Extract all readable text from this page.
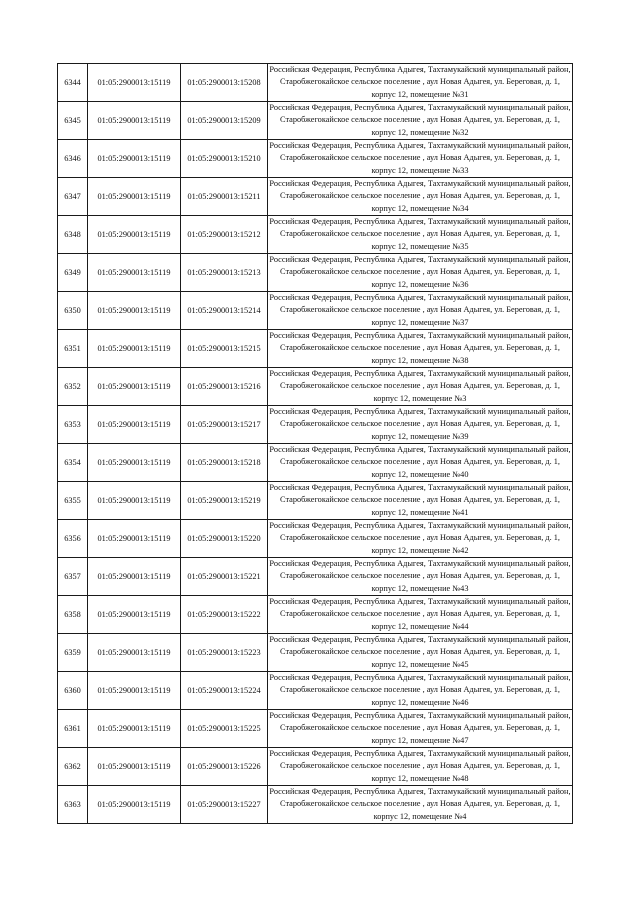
6344	01:05:2900013:15119	01:05:2900013:15208	Российская Федерация, Республика Адыгея, Тахтамукайский муниципальный район, Старобжегокайское сельское поселение , аул Новая Адыгея, ул. Береговая, д. 1, корпус 12, помещение №31
6345	01:05:2900013:15119	01:05:2900013:15209	Российская Федерация, Республика Адыгея, Тахтамукайский муниципальный район, Старобжегокайское сельское поселение , аул Новая Адыгея, ул. Береговая, д. 1, корпус 12, помещение №32
6346	01:05:2900013:15119	01:05:2900013:15210	Российская Федерация, Республика Адыгея, Тахтамукайский муниципальный район, Старобжегокайское сельское поселение , аул Новая Адыгея, ул. Береговая, д. 1, корпус 12, помещение №33
6347	01:05:2900013:15119	01:05:2900013:15211	Российская Федерация, Республика Адыгея, Тахтамукайский муниципальный район, Старобжегокайское сельское поселение , аул Новая Адыгея, ул. Береговая, д. 1, корпус 12, помещение №34
6348	01:05:2900013:15119	01:05:2900013:15212	Российская Федерация, Республика Адыгея, Тахтамукайский муниципальный район, Старобжегокайское сельское поселение , аул Новая Адыгея, ул. Береговая, д. 1, корпус 12, помещение №35
6349	01:05:2900013:15119	01:05:2900013:15213	Российская Федерация, Республика Адыгея, Тахтамукайский муниципальный район, Старобжегокайское сельское поселение , аул Новая Адыгея, ул. Береговая, д. 1, корпус 12, помещение №36
6350	01:05:2900013:15119	01:05:2900013:15214	Российская Федерация, Республика Адыгея, Тахтамукайский муниципальный район, Старобжегокайское сельское поселение , аул Новая Адыгея, ул. Береговая, д. 1, корпус 12, помещение №37
6351	01:05:2900013:15119	01:05:2900013:15215	Российская Федерация, Республика Адыгея, Тахтамукайский муниципальный район, Старобжегокайское сельское поселение , аул Новая Адыгея, ул. Береговая, д. 1, корпус 12, помещение №38
6352	01:05:2900013:15119	01:05:2900013:15216	Российская Федерация, Республика Адыгея, Тахтамукайский муниципальный район, Старобжегокайское сельское поселение , аул Новая Адыгея, ул. Береговая, д. 1, корпус 12, помещение №3
6353	01:05:2900013:15119	01:05:2900013:15217	Российская Федерация, Республика Адыгея, Тахтамукайский муниципальный район, Старобжегокайское сельское поселение , аул Новая Адыгея, ул. Береговая, д. 1, корпус 12, помещение №39
6354	01:05:2900013:15119	01:05:2900013:15218	Российская Федерация, Республика Адыгея, Тахтамукайский муниципальный район, Старобжегокайское сельское поселение , аул Новая Адыгея, ул. Береговая, д. 1, корпус 12, помещение №40
6355	01:05:2900013:15119	01:05:2900013:15219	Российская Федерация, Республика Адыгея, Тахтамукайский муниципальный район, Старобжегокайское сельское поселение , аул Новая Адыгея, ул. Береговая, д. 1, корпус 12, помещение №41
6356	01:05:2900013:15119	01:05:2900013:15220	Российская Федерация, Республика Адыгея, Тахтамукайский муниципальный район, Старобжегокайское сельское поселение , аул Новая Адыгея, ул. Береговая, д. 1, корпус 12, помещение №42
6357	01:05:2900013:15119	01:05:2900013:15221	Российская Федерация, Республика Адыгея, Тахтамукайский муниципальный район, Старобжегокайское сельское поселение , аул Новая Адыгея, ул. Береговая, д. 1, корпус 12, помещение №43
6358	01:05:2900013:15119	01:05:2900013:15222	Российская Федерация, Республика Адыгея, Тахтамукайский муниципальный район, Старобжегокайское сельское поселение , аул Новая Адыгея, ул. Береговая, д. 1, корпус 12, помещение №44
6359	01:05:2900013:15119	01:05:2900013:15223	Российская Федерация, Республика Адыгея, Тахтамукайский муниципальный район, Старобжегокайское сельское поселение , аул Новая Адыгея, ул. Береговая, д. 1, корпус 12, помещение №45
6360	01:05:2900013:15119	01:05:2900013:15224	Российская Федерация, Республика Адыгея, Тахтамукайский муниципальный район, Старобжегокайское сельское поселение , аул Новая Адыгея, ул. Береговая, д. 1, корпус 12, помещение №46
6361	01:05:2900013:15119	01:05:2900013:15225	Российская Федерация, Республика Адыгея, Тахтамукайский муниципальный район, Старобжегокайское сельское поселение , аул Новая Адыгея, ул. Береговая, д. 1, корпус 12, помещение №47
6362	01:05:2900013:15119	01:05:2900013:15226	Российская Федерация, Республика Адыгея, Тахтамукайский муниципальный район, Старобжегокайское сельское поселение , аул Новая Адыгея, ул. Береговая, д. 1, корпус 12, помещение №48
6363	01:05:2900013:15119	01:05:2900013:15227	Российская Федерация, Республика Адыгея, Тахтамукайский муниципальный район, Старобжегокайское сельское поселение , аул Новая Адыгея, ул. Береговая, д. 1, корпус 12, помещение №4
